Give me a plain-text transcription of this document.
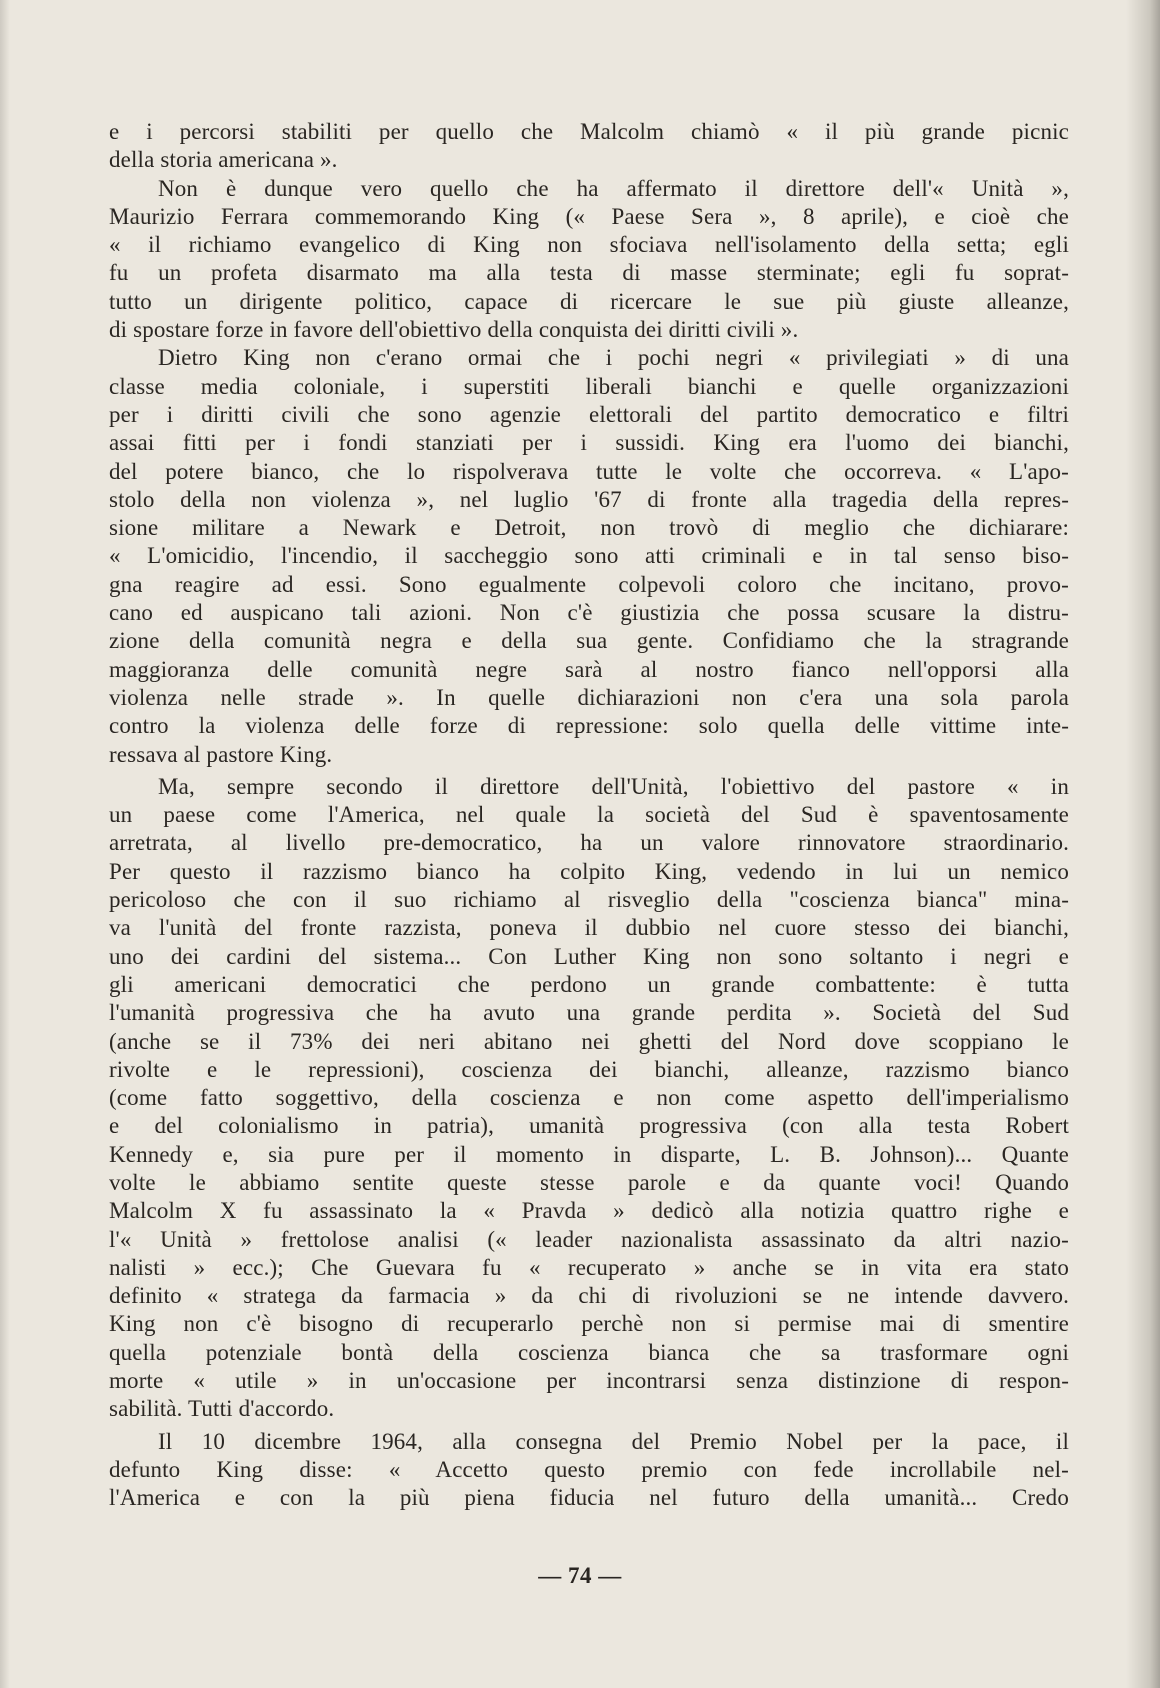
e i percorsi stabiliti per quello che Malcolm chiamò « il più grande picnic
della storia americana ».
Non è dunque vero quello che ha affermato il direttore dell'« Unità »,
Maurizio Ferrara commemorando King (« Paese Sera », 8 aprile), e cioè che
« il richiamo evangelico di King non sfociava nell'isolamento della setta; egli
fu un profeta disarmato ma alla testa di masse sterminate; egli fu soprat-
tutto un dirigente politico, capace di ricercare le sue più giuste alleanze,
di spostare forze in favore dell'obiettivo della conquista dei diritti civili ».
Dietro King non c'erano ormai che i pochi negri « privilegiati » di una
classe media coloniale, i superstiti liberali bianchi e quelle organizzazioni
per i diritti civili che sono agenzie elettorali del partito democratico e filtri
assai fitti per i fondi stanziati per i sussidi. King era l'uomo dei bianchi,
del potere bianco, che lo rispolverava tutte le volte che occorreva. « L'apo-
stolo della non violenza », nel luglio '67 di fronte alla tragedia della repres-
sione militare a Newark e Detroit, non trovò di meglio che dichiarare:
« L'omicidio, l'incendio, il saccheggio sono atti criminali e in tal senso biso-
gna reagire ad essi. Sono egualmente colpevoli coloro che incitano, provo-
cano ed auspicano tali azioni. Non c'è giustizia che possa scusare la distru-
zione della comunità negra e della sua gente. Confidiamo che la stragrande
maggioranza delle comunità negre sarà al nostro fianco nell'opporsi alla
violenza nelle strade ». In quelle dichiarazioni non c'era una sola parola
contro la violenza delle forze di repressione: solo quella delle vittime inte-
ressava al pastore King.
Ma, sempre secondo il direttore dell'Unità, l'obiettivo del pastore « in
un paese come l'America, nel quale la società del Sud è spaventosamente
arretrata, al livello pre-democratico, ha un valore rinnovatore straordinario.
Per questo il razzismo bianco ha colpito King, vedendo in lui un nemico
pericoloso che con il suo richiamo al risveglio della "coscienza bianca" mina-
va l'unità del fronte razzista, poneva il dubbio nel cuore stesso dei bianchi,
uno dei cardini del sistema... Con Luther King non sono soltanto i negri e
gli americani democratici che perdono un grande combattente: è tutta
l'umanità progressiva che ha avuto una grande perdita ». Società del Sud
(anche se il 73% dei neri abitano nei ghetti del Nord dove scoppiano le
rivolte e le repressioni), coscienza dei bianchi, alleanze, razzismo bianco
(come fatto soggettivo, della coscienza e non come aspetto dell'imperialismo
e del colonialismo in patria), umanità progressiva (con alla testa Robert
Kennedy e, sia pure per il momento in disparte, L. B. Johnson)... Quante
volte le abbiamo sentite queste stesse parole e da quante voci! Quando
Malcolm X fu assassinato la « Pravda » dedicò alla notizia quattro righe e
l'« Unità » frettolose analisi (« leader nazionalista assassinato da altri nazio-
nalisti » ecc.); Che Guevara fu « recuperato » anche se in vita era stato
definito « stratega da farmacia » da chi di rivoluzioni se ne intende davvero.
King non c'è bisogno di recuperarlo perchè non si permise mai di smentire
quella potenziale bontà della coscienza bianca che sa trasformare ogni
morte « utile » in un'occasione per incontrarsi senza distinzione di respon-
sabilità. Tutti d'accordo.
Il 10 dicembre 1964, alla consegna del Premio Nobel per la pace, il
defunto King disse: « Accetto questo premio con fede incrollabile nel-
l'America e con la più piena fiducia nel futuro della umanità... Credo
— 74 —
